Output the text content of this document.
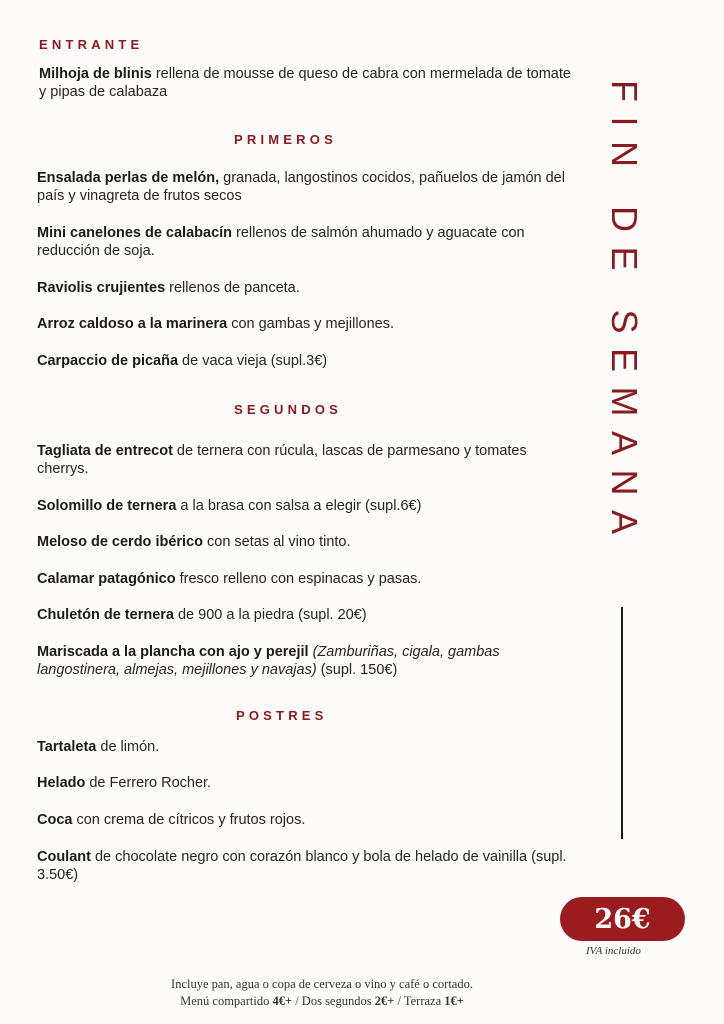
ENTRANTE
PRIMEROS
SEGUNDOS
POSTRES

Milhoja de blinis rellena de mousse de queso de cabra con mermelada de tomate y pipas de calabaza

Ensalada perlas de melón, granada, langostinos cocidos, pañuelos de jamón del país y vinagreta de frutos secos

Mini canelones de calabacín rellenos de salmón ahumado y aguacate con reducción de soja.

Raviolis crujientes rellenos de panceta.

Arroz caldoso a la marinera con gambas y mejillones.

Carpaccio de picaña de vaca vieja (supl.3€)

Tagliata de entrecot de ternera con rúcula, lascas de parmesano y tomates cherrys.

Solomillo de ternera a la brasa con salsa a elegir (supl.6€)

Meloso de cerdo ibérico con setas al vino tinto.

Calamar patagónico fresco relleno con espinacas y pasas.

Chuletón de ternera de 900 a la piedra (supl. 20€)

Mariscada a la plancha con ajo y perejil (Zamburiñas, cigala, gambas langostinera, almejas, mejillones y navajas) (supl. 150€)

Tartaleta de limón.

Helado de Ferrero Rocher.

Coca con crema de cítricos y frutos rojos.

Coulant de chocolate negro con corazón blanco y bola de helado de vainilla (supl. 3.50€)

FIN DE SEMANA
26€
IVA incluido
Incluye pan, agua o copa de cerveza o vino y café o cortado.
Menú compartido 4€+ / Dos segundos 2€+ / Terraza 1€+
